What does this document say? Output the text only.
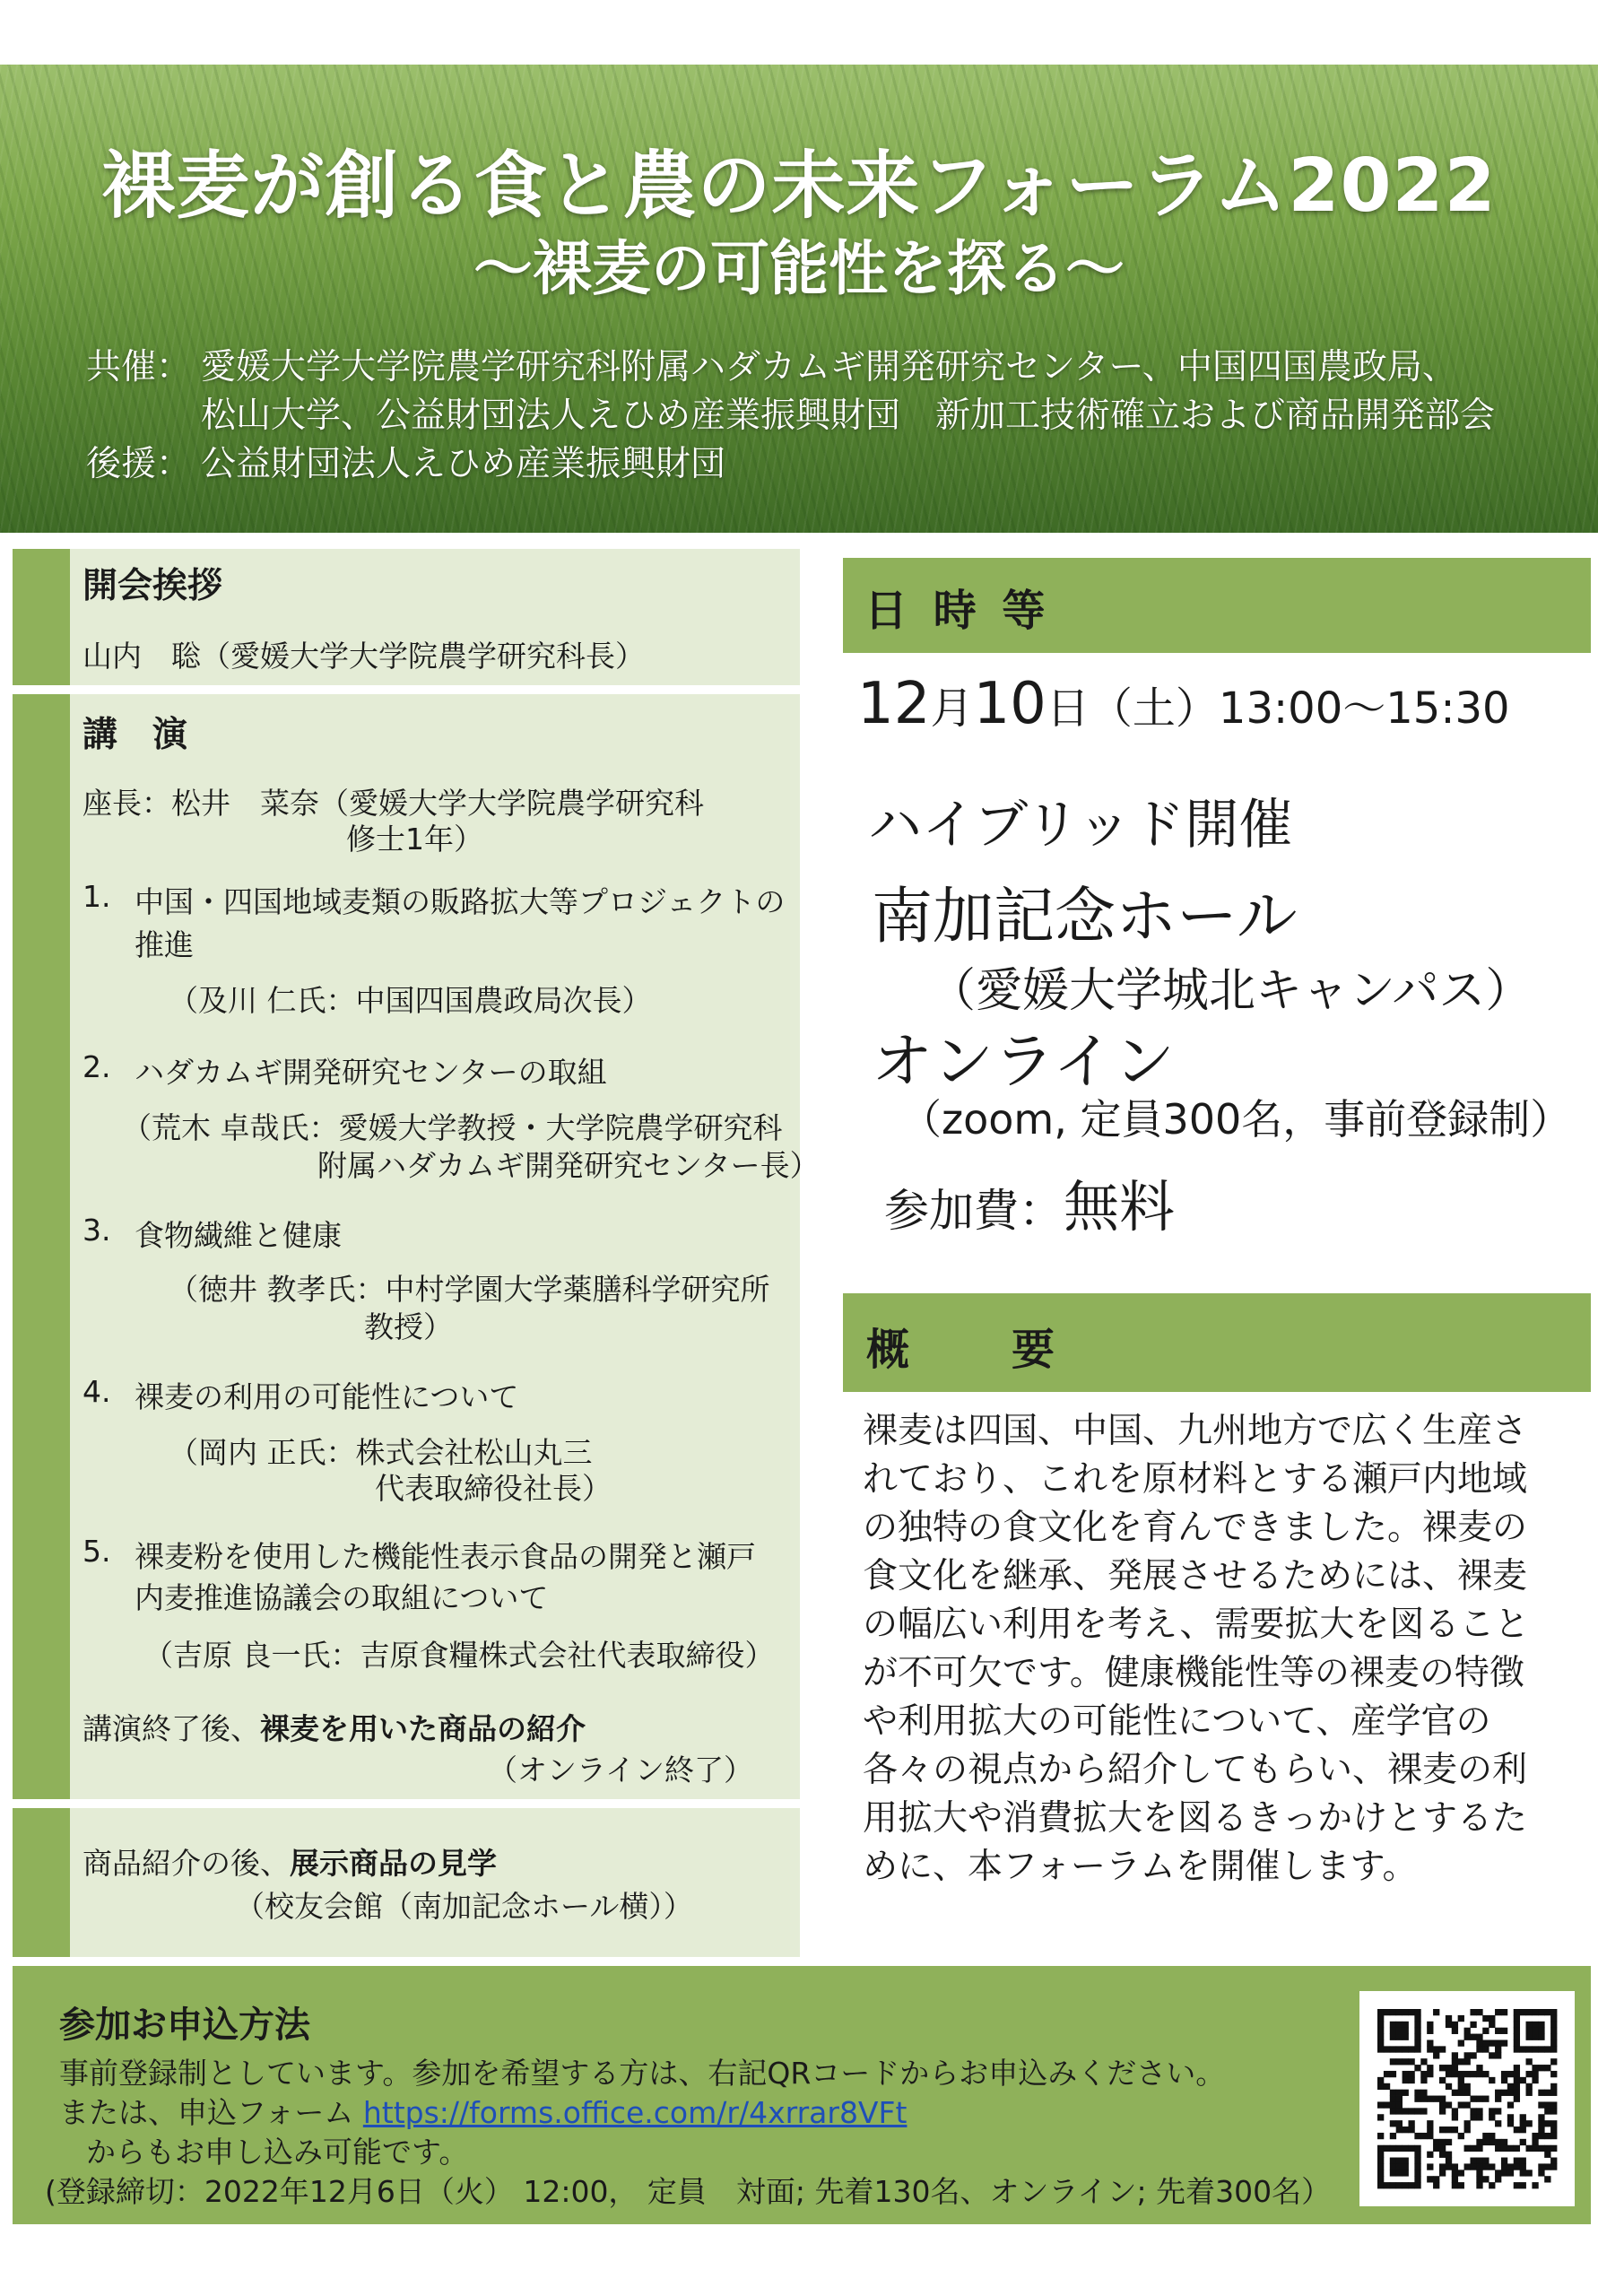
裸麦が創る食と農の未来フォーラム2022
〜裸麦の可能性を探る〜
共催： 愛媛大学大学院農学研究科附属ハダカムギ開発研究センター、中国四国農政局、
松山大学、公益財団法人えひめ産業振興財団　新加工技術確立および商品開発部会
後援： 公益財団法人えひめ産業振興財団
開会挨拶
山内　聡（愛媛大学大学院農学研究科長）
講　演
座長：松井　菜奈（愛媛大学大学院農学研究科
修士1年）
1. 中国・四国地域麦類の販路拡大等プロジェクトの
推進
（及川 仁氏：中国四国農政局次長）
2. ハダカムギ開発研究センターの取組
（荒木 卓哉氏：愛媛大学教授・大学院農学研究科
附属ハダカムギ開発研究センター長）
3. 食物繊維と健康
（徳井 教孝氏：中村学園大学薬膳科学研究所
教授）
4. 裸麦の利用の可能性について
（岡内 正氏：株式会社松山丸三
代表取締役社長）
5. 裸麦粉を使用した機能性表示食品の開発と瀬戸
内麦推進協議会の取組について
（吉原 良一氏：吉原食糧株式会社代表取締役）
講演終了後、裸麦を用いた商品の紹介
（オンライン終了）
商品紹介の後、展示商品の見学
（校友会館（南加記念ホール横））
日 時 等
12月10日（土）13:00〜15:30
ハイブリッド開催
南加記念ホール
（愛媛大学城北キャンパス）
オンライン
（zoom, 定員300名，事前登録制）
参加費：無料
概　　要
裸麦は四国、中国、九州地方で広く生産さ
れており、これを原材料とする瀬戸内地域
の独特の食文化を育んできました。裸麦の
食文化を継承、発展させるためには、裸麦
の幅広い利用を考え、需要拡大を図ること
が不可欠です。健康機能性等の裸麦の特徴
や利用拡大の可能性について、産学官の
各々の視点から紹介してもらい、裸麦の利
用拡大や消費拡大を図るきっかけとするた
めに、本フォーラムを開催します。
参加お申込方法
事前登録制としています。参加を希望する方は、右記QRコードからお申込みください。
または、申込フォーム https://forms.office.com/r/4xrrar8VFt
からもお申し込み可能です。
(登録締切：2022年12月6日（火） 12:00， 定員　対面; 先着130名、オンライン; 先着300名）
